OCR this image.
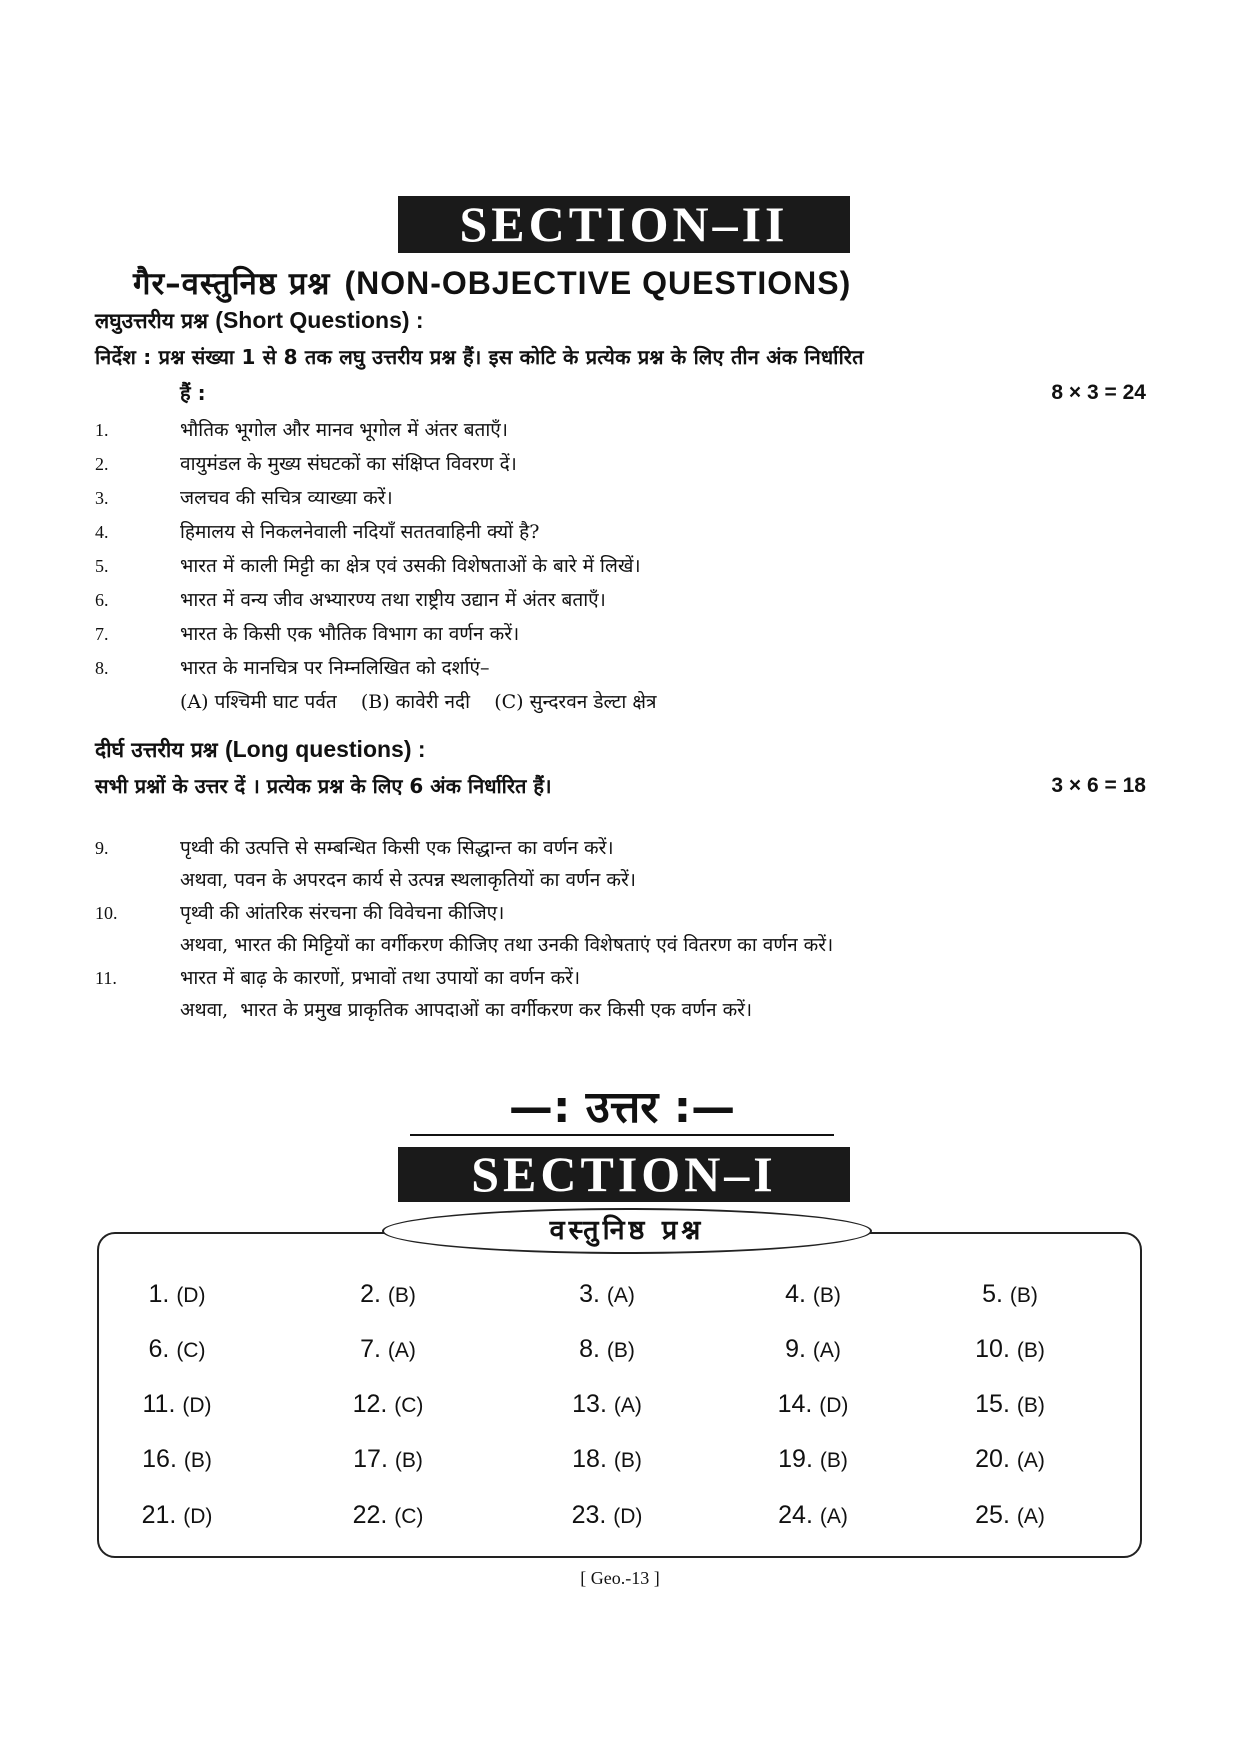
SECTION–II
गैर–वस्तुनिष्ठ प्रश्न (NON-OBJECTIVE QUESTIONS)
लघुउत्तरीय प्रश्न (Short Questions) :
निर्देश : प्रश्न संख्या 1 से 8 तक लघु उत्तरीय प्रश्न हैं। इस कोटि के प्रत्येक प्रश्न के लिए तीन अंक निर्धारित
हैं :	8 × 3 = 24
1.	भौतिक भूगोल और मानव भूगोल में अंतर बताएँ।
2.	वायुमंडल के मुख्य संघटकों का संक्षिप्त विवरण दें।
3.	जलचव की सचित्र व्याख्या करें।
4.	हिमालय से निकलनेवाली नदियाँ सततवाहिनी क्यों है?
5.	भारत में काली मिट्टी का क्षेत्र एवं उसकी विशेषताओं के बारे में लिखें।
6.	भारत में वन्य जीव अभ्यारण्य तथा राष्ट्रीय उद्यान में अंतर बताएँ।
7.	भारत के किसी एक भौतिक विभाग का वर्णन करें।
8.	भारत के मानचित्र पर निम्नलिखित को दर्शाएं–
(A) पश्चिमी घाट पर्वत    (B) कावेरी नदी    (C) सुन्दरवन डेल्टा क्षेत्र
दीर्घ उत्तरीय प्रश्न (Long questions) :
सभी प्रश्नों के उत्तर दें । प्रत्येक प्रश्न के लिए 6 अंक निर्धारित हैं।	3 × 6 = 18
9.	पृथ्वी की उत्पत्ति से सम्बन्धित किसी एक सिद्धान्त का वर्णन करें।
अथवा, पवन के अपरदन कार्य से उत्पन्न स्थलाकृतियों का वर्णन करें।
10.	पृथ्वी की आंतरिक संरचना की विवेचना कीजिए।
अथवा, भारत की मिट्टियों का वर्गीकरण कीजिए तथा उनकी विशेषताएं एवं वितरण का वर्णन करें।
11.	भारत में बाढ़ के कारणों, प्रभावों तथा उपायों का वर्णन करें।
अथवा,  भारत के प्रमुख प्राकृतिक आपदाओं का वर्गीकरण कर किसी एक वर्णन करें।
—: उत्तर :—
SECTION–I
वस्तुनिष्ठ प्रश्न
1. (D)	2. (B)	3. (A)	4. (B)	5. (B)
6. (C)	7. (A)	8. (B)	9. (A)	10. (B)
11. (D)	12. (C)	13. (A)	14. (D)	15. (B)
16. (B)	17. (B)	18. (B)	19. (B)	20. (A)
21. (D)	22. (C)	23. (D)	24. (A)	25. (A)
[ Geo.-13 ]
